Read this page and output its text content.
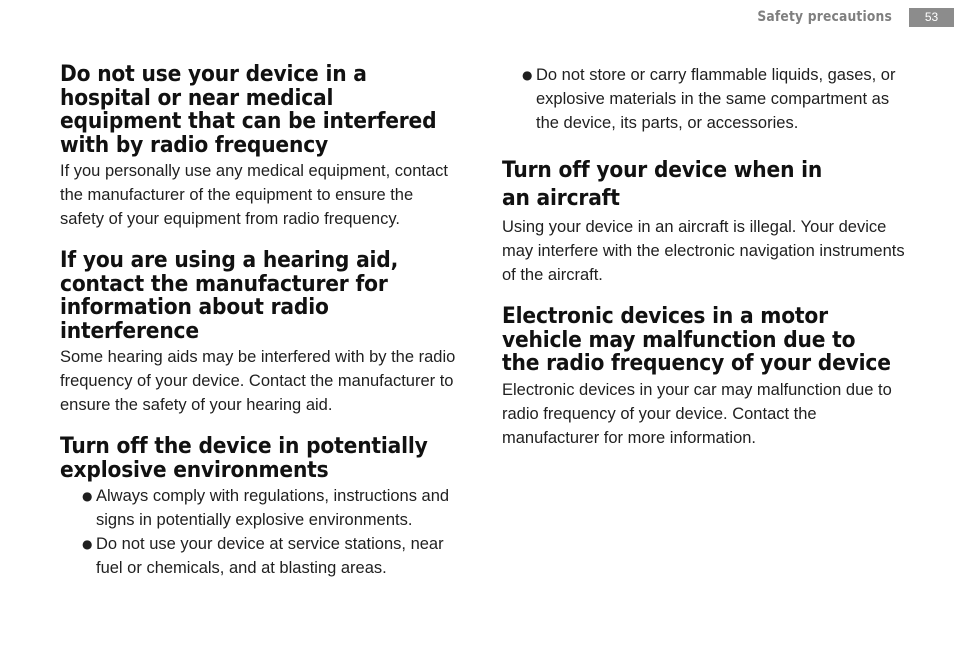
Safety precautions	53
Do not use your device in a hospital or near medical equipment that can be interfered with by radio frequency

If you personally use any medical equipment, contact the manufacturer of the equipment to ensure the safety of your equipment from radio frequency.

If you are using a hearing aid, contact the manufacturer for information about radio interference

Some hearing aids may be interfered with by the radio frequency of your device. Contact the manufacturer to ensure the safety of your hearing aid.

Turn off the device in potentially explosive environments
● Always comply with regulations, instructions and signs in potentially explosive environments.
● Do not use your device at service stations, near fuel or chemicals, and at blasting areas.
● Do not store or carry flammable liquids, gases, or explosive materials in the same compartment as the device, its parts, or accessories.
Turn off your device when in an aircraft

Using your device in an aircraft is illegal. Your device may interfere with the electronic navigation instruments of the aircraft.

Electronic devices in a motor vehicle may malfunction due to the radio frequency of your device

Electronic devices in your car may malfunction due to radio frequency of your device. Contact the manufacturer for more information.
